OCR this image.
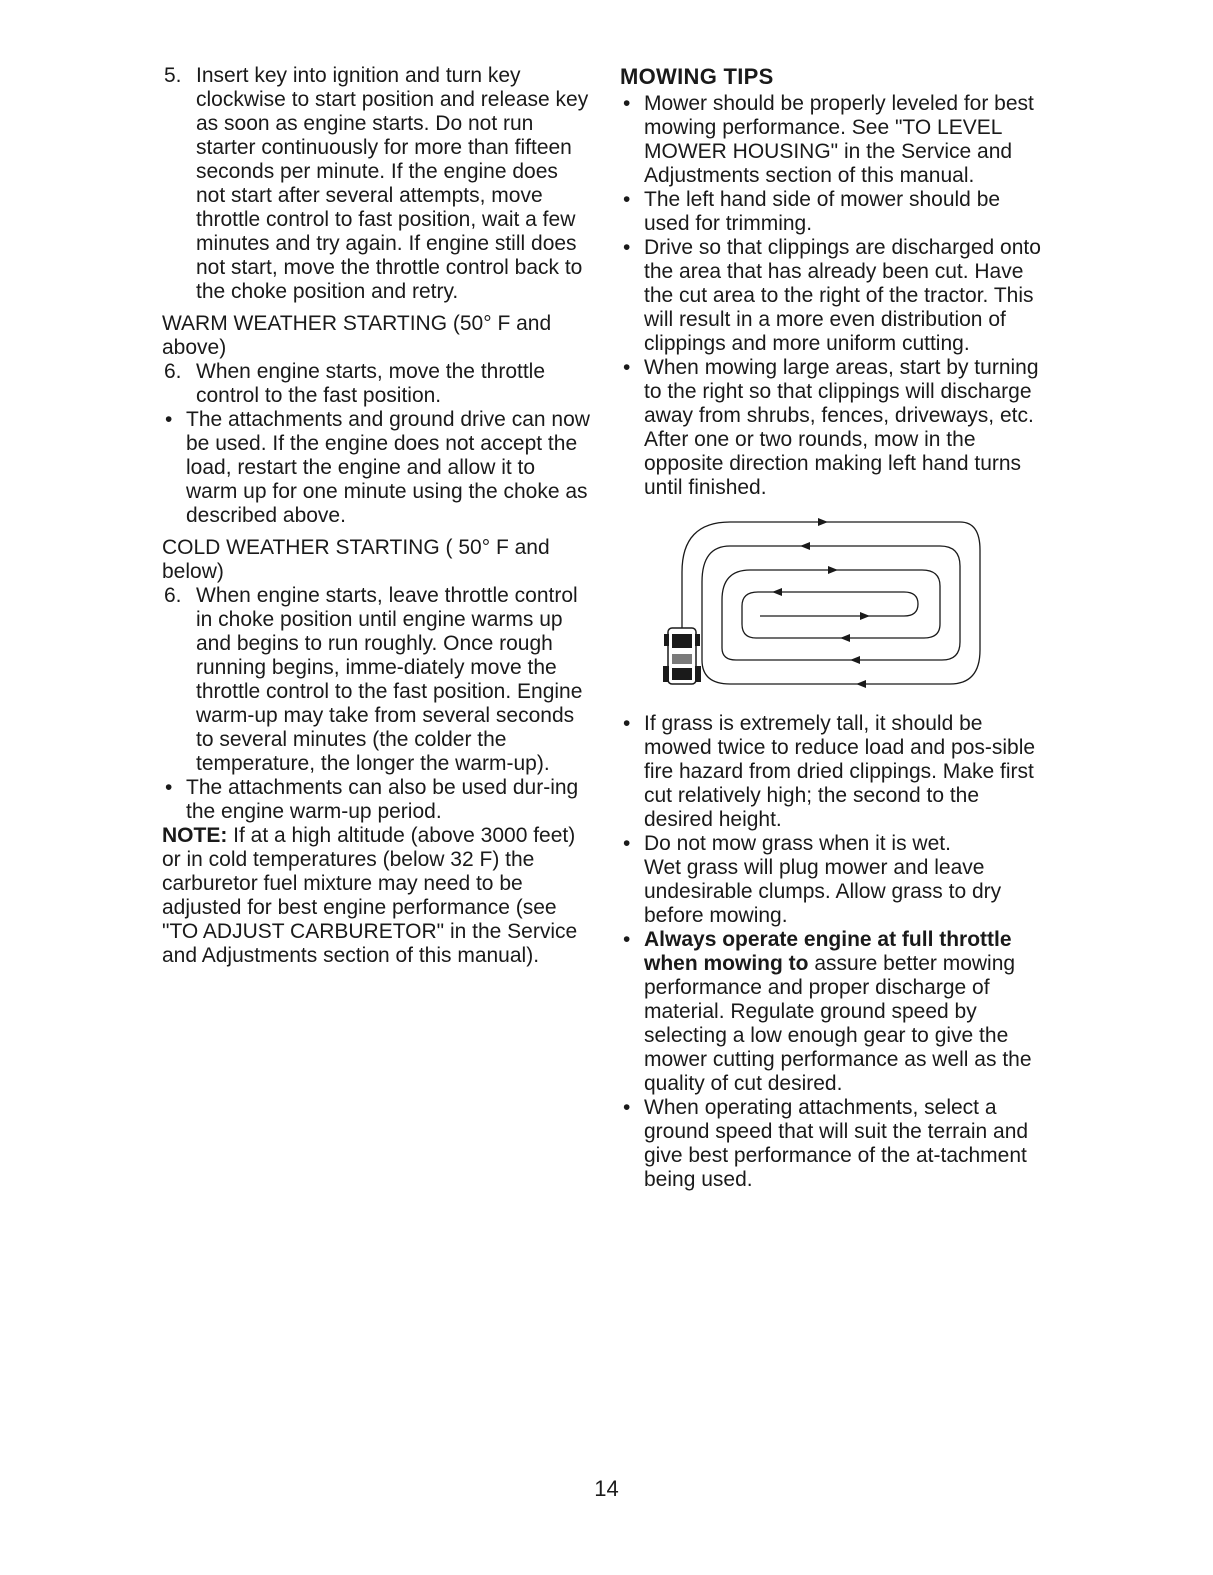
5. Insert key into ignition and turn key clockwise to start position and release key as soon as engine starts. Do not run starter continuously for more than fifteen seconds per minute. If the engine does not start after several attempts, move throttle control to fast position, wait a few minutes and try again. If engine still does not start, move the throttle control back to the choke position and retry.

WARM WEATHER STARTING (50° F and above)

6. When engine starts, move the throttle control to the fast position.

• The attachments and ground drive can now be used. If the engine does not accept the load, restart the engine and allow it to warm up for one minute using the choke as described above.

COLD WEATHER STARTING ( 50° F and below)

6. When engine starts, leave throttle control in choke position until engine warms up and begins to run roughly. Once rough running begins, imme-diately move the throttle control to the fast position. Engine warm-up may take from several seconds to several minutes (the colder the temperature, the longer the warm-up).

• The attachments can also be used dur-ing the engine warm-up period.

NOTE: If at a high altitude (above 3000 feet) or in cold temperatures (below 32 F) the carburetor fuel mixture may need to be adjusted for best engine performance (see "TO ADJUST CARBURETOR" in the Service and Adjustments section of this manual).

MOWING TIPS

• Mower should be properly leveled for best mowing performance. See "TO LEVEL MOWER HOUSING" in the Service and Adjustments section of this manual.

• The left hand side of mower should be used for trimming.

• Drive so that clippings are discharged onto the area that has already been cut. Have the cut area to the right of the tractor. This will result in a more even distribution of clippings and more uniform cutting.

• When mowing large areas, start by turning to the right so that clippings will discharge away from shrubs, fences, driveways, etc. After one or two rounds, mow in the opposite direction making left hand turns until finished.

• If grass is extremely tall, it should be mowed twice to reduce load and pos-sible fire hazard from dried clippings. Make first cut relatively high; the second to the desired height.

• Do not mow grass when it is wet.
Wet grass will plug mower and leave undesirable clumps. Allow grass to dry before mowing.

• Always operate engine at full throttle when mowing to assure better mowing performance and proper discharge of material. Regulate ground speed by selecting a low enough gear to give the mower cutting performance as well as the quality of cut desired.

• When operating attachments, select a ground speed that will suit the terrain and give best performance of the at-tachment being used.

14
